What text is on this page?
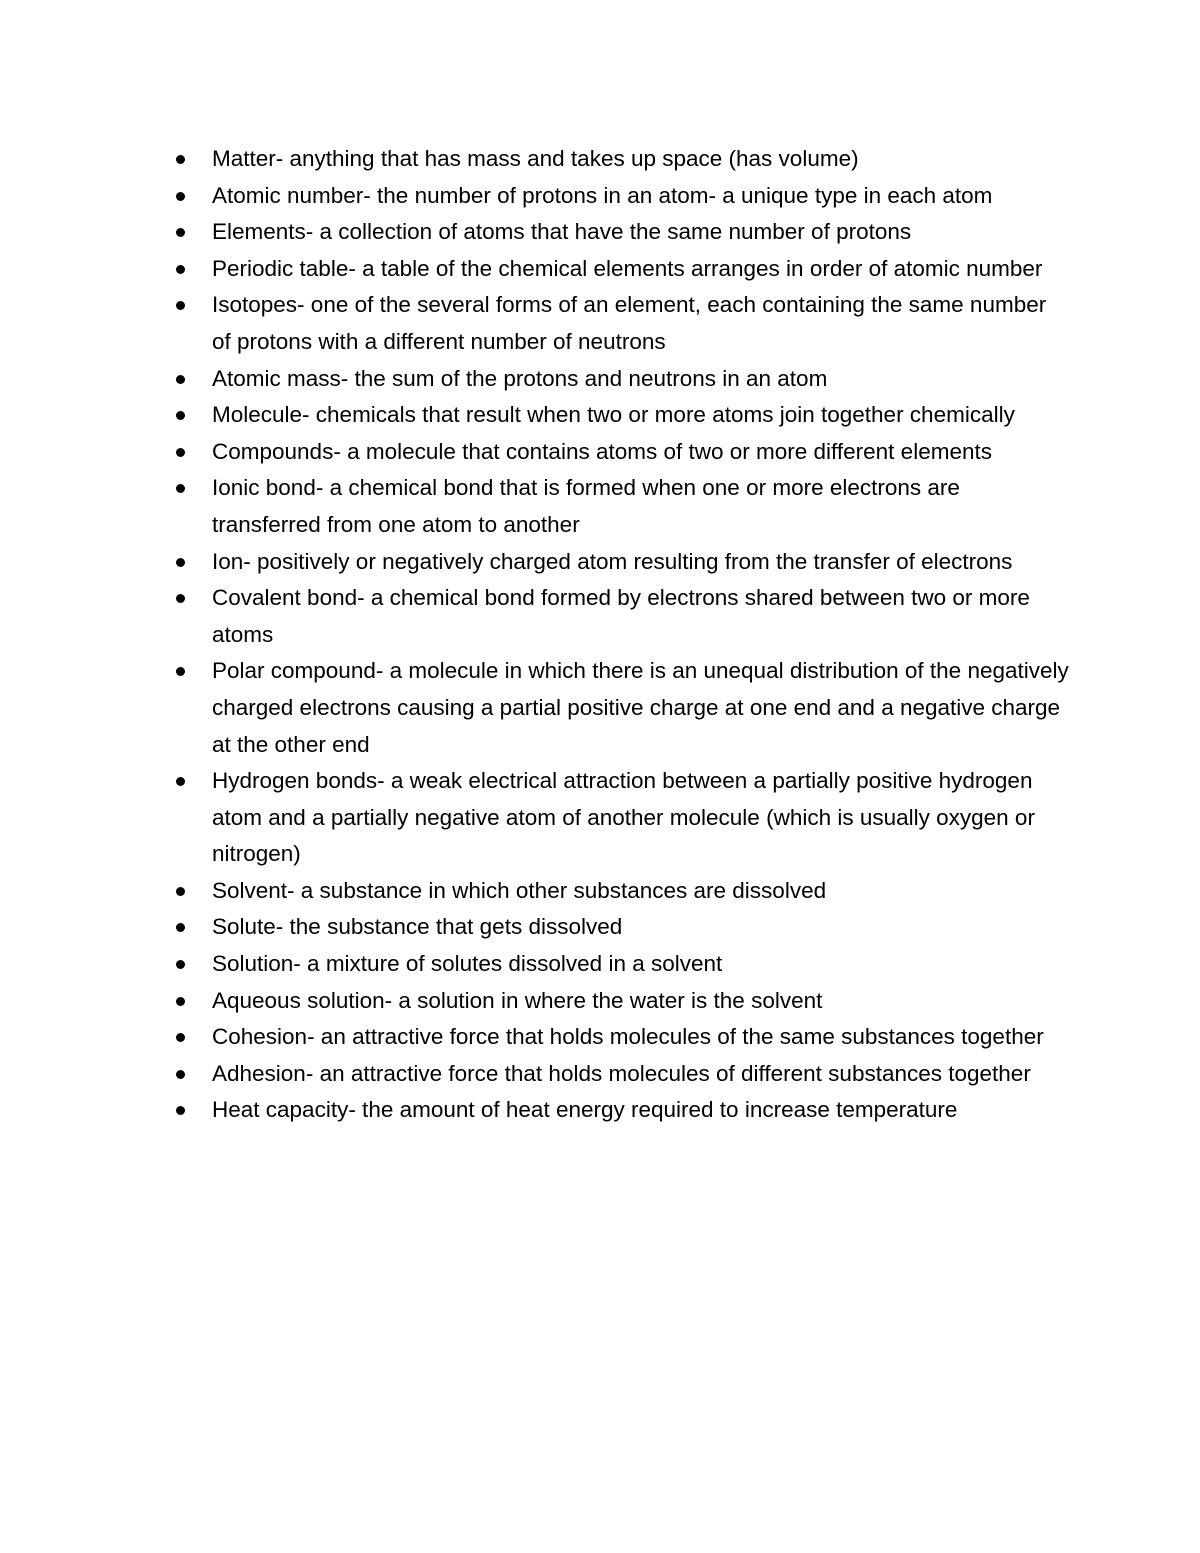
Matter- anything that has mass and takes up space (has volume)
Atomic number- the number of protons in an atom- a unique type in each atom
Elements- a collection of atoms that have the same number of protons
Periodic table- a table of the chemical elements arranges in order of atomic number
Isotopes- one of the several forms of an element, each containing the same number of protons with a different number of neutrons
Atomic mass- the sum of the protons and neutrons in an atom
Molecule- chemicals that result when two or more atoms join together chemically
Compounds- a molecule that contains atoms of two or more different elements
Ionic bond- a chemical bond that is formed when one or more electrons are transferred from one atom to another
Ion- positively or negatively charged atom resulting from the transfer of electrons
Covalent bond- a chemical bond formed by electrons shared between two or more atoms
Polar compound- a molecule in which there is an unequal distribution of the negatively charged electrons causing a partial positive charge at one end and a negative charge at the other end
Hydrogen bonds- a weak electrical attraction between a partially positive hydrogen atom and a partially negative atom of another molecule (which is usually oxygen or nitrogen)
Solvent- a substance in which other substances are dissolved
Solute- the substance that gets dissolved
Solution- a mixture of solutes dissolved in a solvent
Aqueous solution- a solution in where the water is the solvent
Cohesion- an attractive force that holds molecules of the same substances together
Adhesion- an attractive force that holds molecules of different substances together
Heat capacity- the amount of heat energy required to increase temperature
